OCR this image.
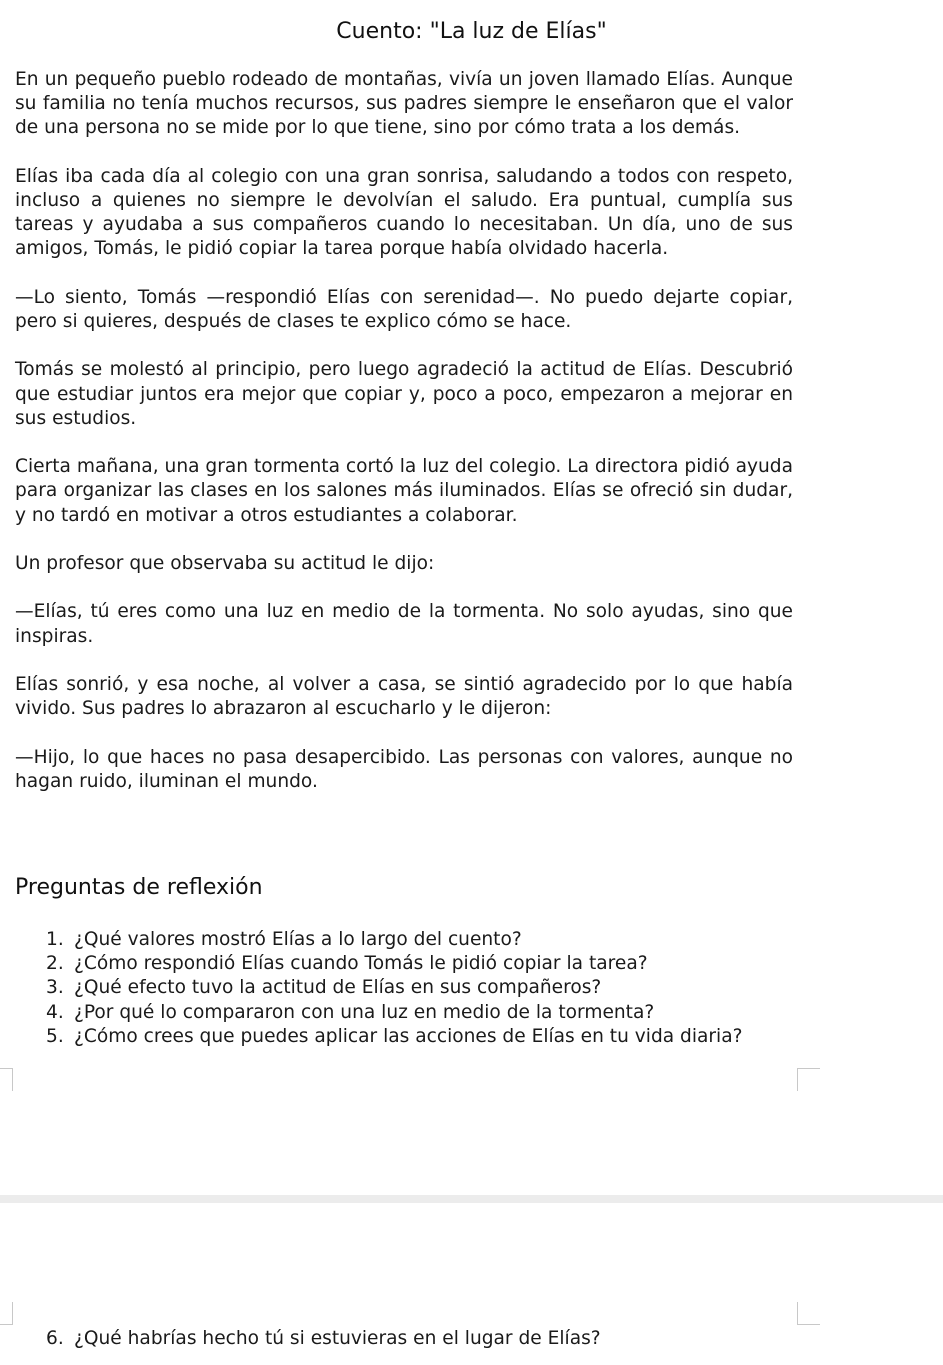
Cuento: "La luz de Elías"

En un pequeño pueblo rodeado de montañas, vivía un joven llamado Elías. Aunque su familia no tenía muchos recursos, sus padres siempre le enseñaron que el valor de una persona no se mide por lo que tiene, sino por cómo trata a los demás.

Elías iba cada día al colegio con una gran sonrisa, saludando a todos con respeto, incluso a quienes no siempre le devolvían el saludo. Era puntual, cumplía sus tareas y ayudaba a sus compañeros cuando lo necesitaban. Un día, uno de sus amigos, Tomás, le pidió copiar la tarea porque había olvidado hacerla.

—Lo siento, Tomás —respondió Elías con serenidad—. No puedo dejarte copiar, pero si quieres, después de clases te explico cómo se hace.

Tomás se molestó al principio, pero luego agradeció la actitud de Elías. Descubrió que estudiar juntos era mejor que copiar y, poco a poco, empezaron a mejorar en sus estudios.

Cierta mañana, una gran tormenta cortó la luz del colegio. La directora pidió ayuda para organizar las clases en los salones más iluminados. Elías se ofreció sin dudar, y no tardó en motivar a otros estudiantes a colaborar.

Un profesor que observaba su actitud le dijo:

—Elías, tú eres como una luz en medio de la tormenta. No solo ayudas, sino que inspiras.

Elías sonrió, y esa noche, al volver a casa, se sintió agradecido por lo que había vivido. Sus padres lo abrazaron al escucharlo y le dijeron:

—Hijo, lo que haces no pasa desapercibido. Las personas con valores, aunque no hagan ruido, iluminan el mundo.

Preguntas de reflexión
1. ¿Qué valores mostró Elías a lo largo del cuento?
2. ¿Cómo respondió Elías cuando Tomás le pidió copiar la tarea?
3. ¿Qué efecto tuvo la actitud de Elías en sus compañeros?
4. ¿Por qué lo compararon con una luz en medio de la tormenta?
5. ¿Cómo crees que puedes aplicar las acciones de Elías en tu vida diaria?
6. ¿Qué habrías hecho tú si estuvieras en el lugar de Elías?
